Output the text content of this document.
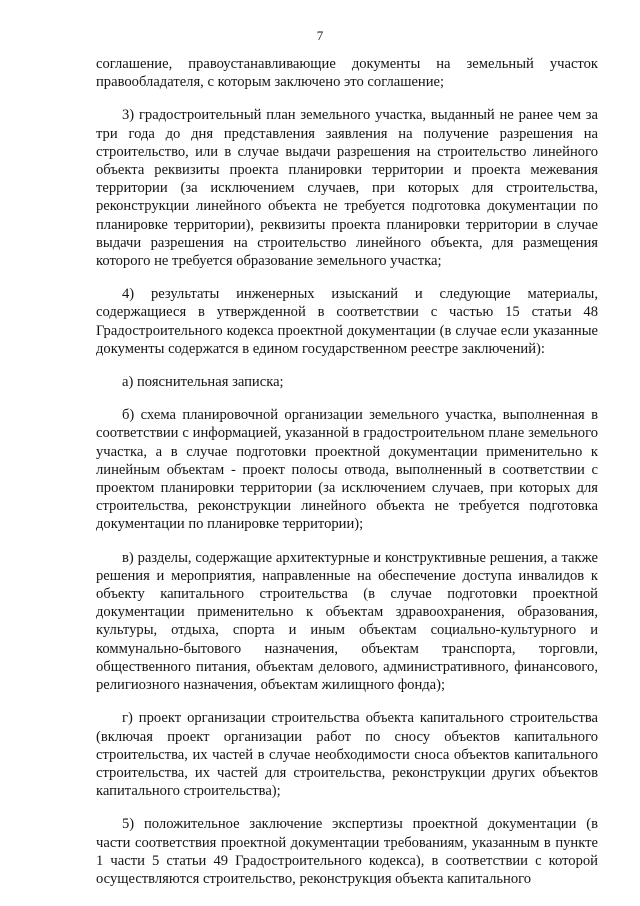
7

соглашение, правоустанавливающие документы на земельный участок правообладателя, с которым заключено это соглашение;

3) градостроительный план земельного участка, выданный не ранее чем за три года до дня представления заявления на получение разрешения на строительство, или в случае выдачи разрешения на строительство линейного объекта реквизиты проекта планировки территории и проекта межевания территории (за исключением случаев, при которых для строительства, реконструкции линейного объекта не требуется подготовка документации по планировке территории), реквизиты проекта планировки территории в случае выдачи разрешения на строительство линейного объекта, для размещения которого не требуется образование земельного участка;

4) результаты инженерных изысканий и следующие материалы, содержащиеся в утвержденной в соответствии с частью 15 статьи 48 Градостроительного кодекса проектной документации (в случае если указанные документы содержатся в едином государственном реестре заключений):

а) пояснительная записка;

б) схема планировочной организации земельного участка, выполненная в соответствии с информацией, указанной в градостроительном плане земельного участка, а в случае подготовки проектной документации применительно к линейным объектам - проект полосы отвода, выполненный в соответствии с проектом планировки территории (за исключением случаев, при которых для строительства, реконструкции линейного объекта не требуется подготовка документации по планировке территории);

в) разделы, содержащие архитектурные и конструктивные решения, а также решения и мероприятия, направленные на обеспечение доступа инвалидов к объекту капитального строительства (в случае подготовки проектной документации применительно к объектам здравоохранения, образования, культуры, отдыха, спорта и иным объектам социально-культурного и коммунально-бытового назначения, объектам транспорта, торговли, общественного питания, объектам делового, административного, финансового, религиозного назначения, объектам жилищного фонда);

г) проект организации строительства объекта капитального строительства (включая проект организации работ по сносу объектов капитального строительства, их частей в случае необходимости сноса объектов капитального строительства, их частей для строительства, реконструкции других объектов капитального строительства);

5) положительное заключение экспертизы проектной документации (в части соответствия проектной документации требованиям, указанным в пункте 1 части 5 статьи 49 Градостроительного кодекса), в соответствии с которой осуществляются строительство, реконструкция объекта капитального
